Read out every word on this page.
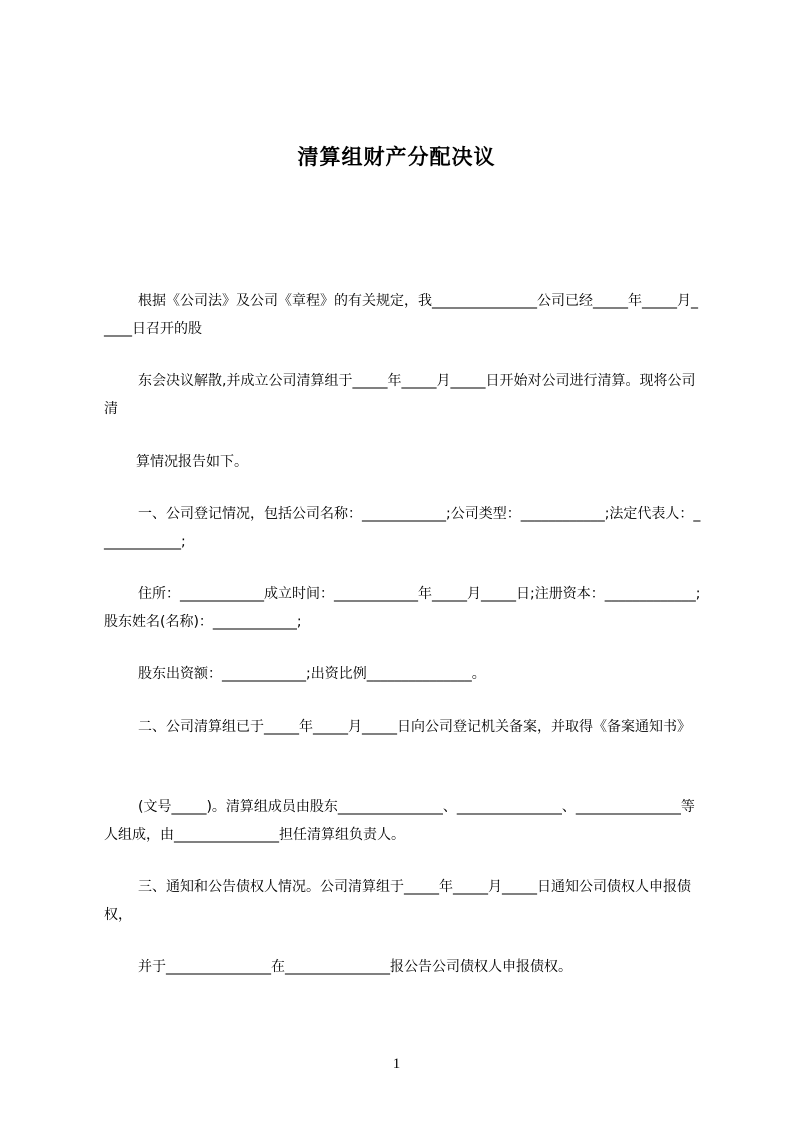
清算组财产分配决议

根据《公司法》及公司《章程》的有关规定，我_______________公司已经_____年_____月_____日召开的股

东会决议解散,并成立公司清算组于_____年_____月_____日开始对公司进行清算。现将公司清

算情况报告如下。

一、公司登记情况，包括公司名称：____________;公司类型：____________;法定代表人：____________;

住所：____________成立时间：____________年_____月_____日;注册资本：_____________;股东姓名(名称)：____________;

股东出资额：____________;出资比例_______________。

二、公司清算组已于_____年_____月_____日向公司登记机关备案，并取得《备案通知书》

(文号_____)。清算组成员由股东_______________、_______________、_______________等人组成，由_______________担任清算组负责人。

三、通知和公告债权人情况。公司清算组于_____年_____月_____日通知公司债权人申报债权，

并于_______________在_______________报公告公司债权人申报债权。

1
